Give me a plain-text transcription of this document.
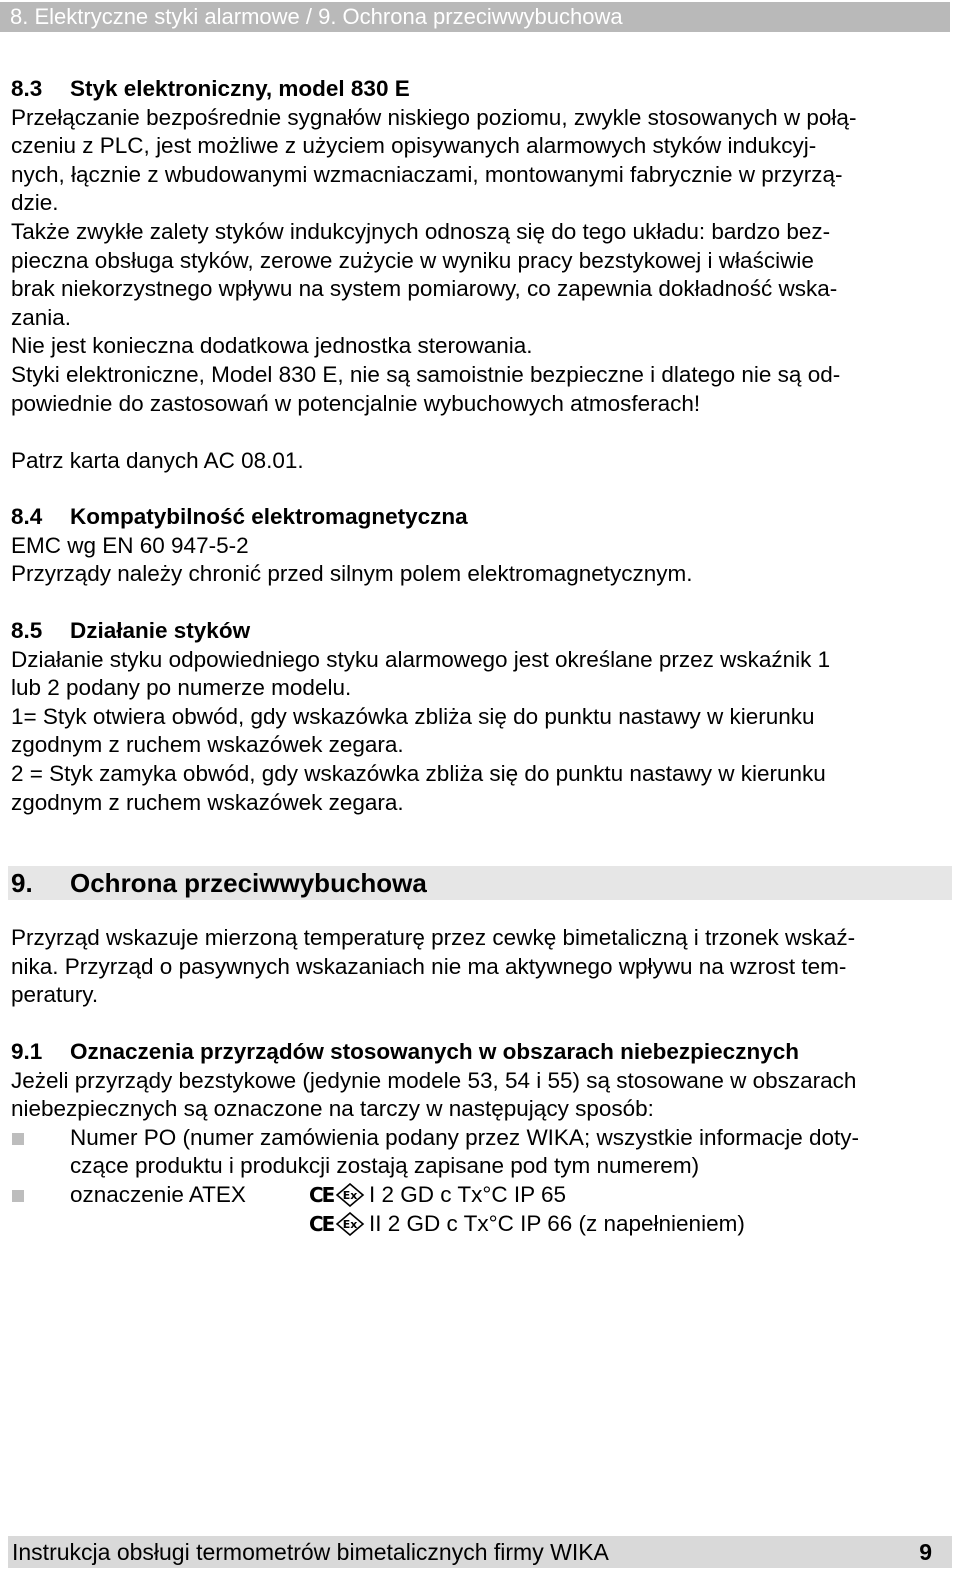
8. Elektryczne styki alarmowe / 9. Ochrona przeciwwybuchowa

8.3 Styk elektroniczny, model 830 E

Przełączanie bezpośrednie sygnałów niskiego poziomu, zwykle stosowanych w połą-

czeniu z PLC, jest możliwe z użyciem opisywanych alarmowych styków indukcyj-

nych, łącznie z wbudowanymi wzmacniaczami, montowanymi fabrycznie w przyrzą-

dzie.

Także zwykłe zalety styków indukcyjnych odnoszą się do tego układu: bardzo bez-

pieczna obsługa styków, zerowe zużycie w wyniku pracy bezstykowej i właściwie

brak niekorzystnego wpływu na system pomiarowy, co zapewnia dokładność wska-

zania.

Nie jest konieczna dodatkowa jednostka sterowania.

Styki elektroniczne, Model 830 E, nie są samoistnie bezpieczne i dlatego nie są od-

powiednie do zastosowań w potencjalnie wybuchowych atmosferach!

Patrz karta danych AC 08.01.

8.4 Kompatybilność elektromagnetyczna

EMC wg EN 60 947-5-2

Przyrządy należy chronić przed silnym polem elektromagnetycznym.

8.5 Działanie styków

Działanie styku odpowiedniego styku alarmowego jest określane przez wskaźnik 1

lub 2 podany po numerze modelu.

1= Styk otwiera obwód, gdy wskazówka zbliża się do punktu nastawy w kierunku

zgodnym z ruchem wskazówek zegara.

2 = Styk zamyka obwód, gdy wskazówka zbliża się do punktu nastawy w kierunku

zgodnym z ruchem wskazówek zegara.

9. Ochrona przeciwwybuchowa

Przyrząd wskazuje mierzoną temperaturę przez cewkę bimetaliczną i trzonek wskaź-

nika. Przyrząd o pasywnych wskazaniach nie ma aktywnego wpływu na wzrost tem-

peratury.

9.1 Oznaczenia przyrządów stosowanych w obszarach niebezpiecznych

Jeżeli przyrządy bezstykowe (jedynie modele 53, 54 i 55) są stosowane w obszarach

niebezpiecznych są oznaczone na tarczy w następujący sposób:

Numer PO (numer zamówienia podany przez WIKA; wszystkie informacje doty-

czące produktu i produkcji zostają zapisane pod tym numerem)

oznaczenie ATEX	CE Ex I 2 GD c Tx°C IP 65
CE Ex II 2 GD c Tx°C IP 66 (z napełnieniem)
Instrukcja obsługi termometrów bimetalicznych firmy WIKA	9
